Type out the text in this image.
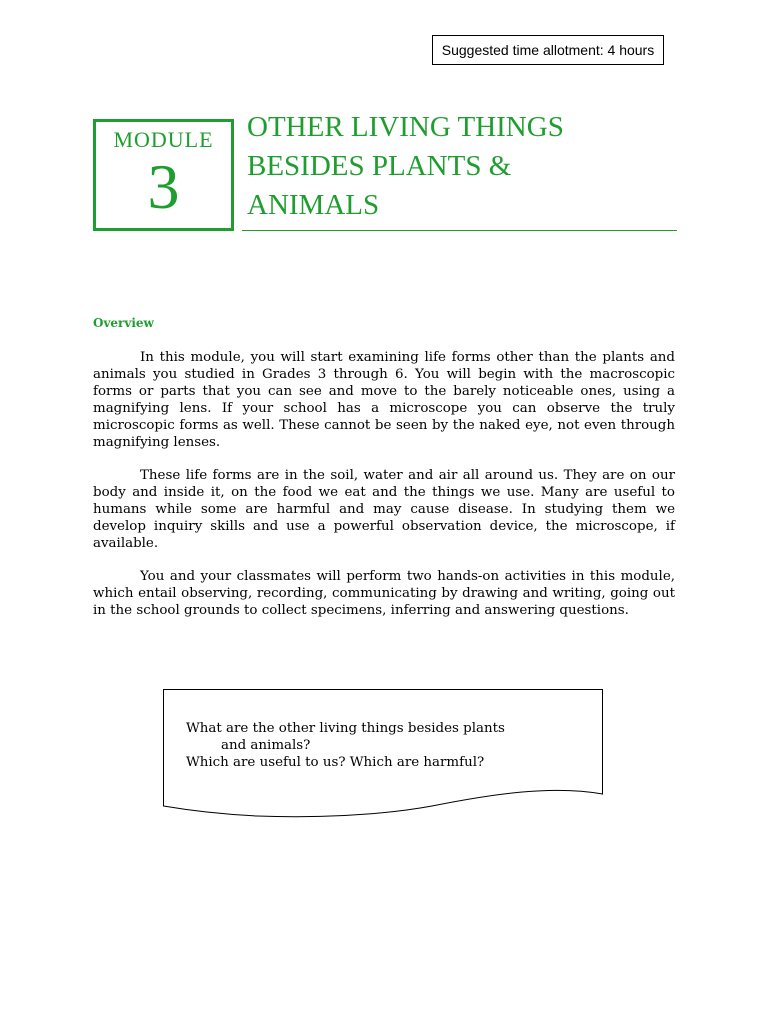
Suggested time allotment: 4 hours
MODULE
3
OTHER LIVING THINGS
BESIDES PLANTS &
ANIMALS
Overview

In this module, you will start examining life forms other than the plants and animals you studied in Grades 3 through 6. You will begin with the macroscopic forms or parts that you can see and move to the barely noticeable ones, using a magnifying lens. If your school has a microscope you can observe the truly microscopic forms as well. These cannot be seen by the naked eye, not even through magnifying lenses.

These life forms are in the soil, water and air all around us. They are on our body and inside it, on the food we eat and the things we use. Many are useful to humans while some are harmful and may cause disease. In studying them we develop inquiry skills and use a powerful observation device, the microscope, if available.

You and your classmates will perform two hands-on activities in this module, which entail observing, recording, communicating by drawing and writing, going out in the school grounds to collect specimens, inferring and answering questions.

What are the other living things besides plants
and animals?
Which are useful to us? Which are harmful?
